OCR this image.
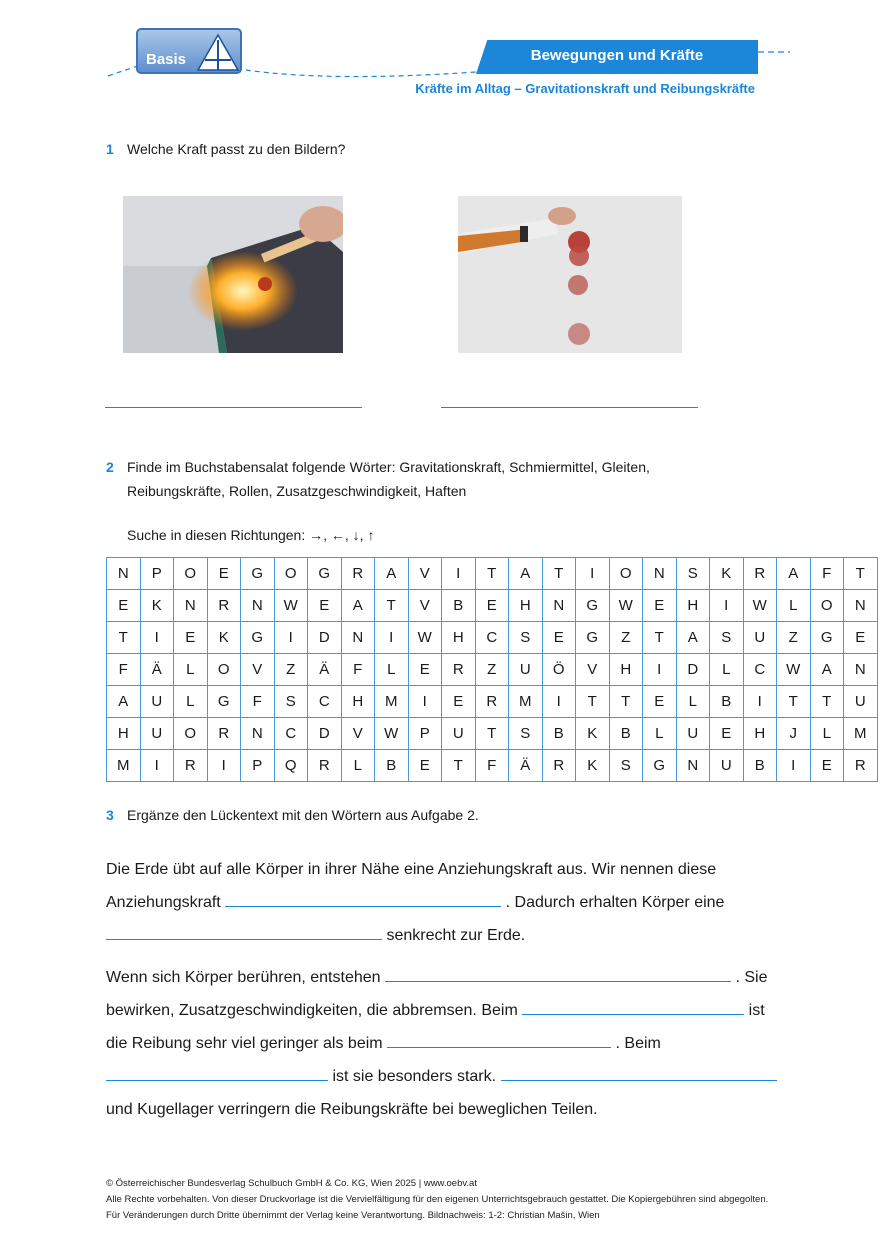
Basis	Bewegungen und Kräfte
Kräfte im Alltag – Gravitationskraft und Reibungskräfte
1 Welche Kraft passt zu den Bildern?
2 Finde im Buchstabensalat folgende Wörter: Gravitationskraft, Schmiermittel, Gleiten,
Reibungskräfte, Rollen, Zusatzgeschwindigkeit, Haften
Suche in diesen Richtungen: →, ←, ↓, ↑
N	P	O	E	G	O	G	R	A	V	I	T	A	T	I	O	N	S	K	R	A	F	T
E	K	N	R	N	W	E	A	T	V	B	E	H	N	G	W	E	H	I	W	L	O	N
T	I	E	K	G	I	D	N	I	W	H	C	S	E	G	Z	T	A	S	U	Z	G	E
F	Ä	L	O	V	Z	Ä	F	L	E	R	Z	U	Ö	V	H	I	D	L	C	W	A	N
A	U	L	G	F	S	C	H	M	I	E	R	M	I	T	T	E	L	B	I	T	T	U
H	U	O	R	N	C	D	V	W	P	U	T	S	B	K	B	L	U	E	H	J	L	M
M	I	R	I	P	Q	R	L	B	E	T	F	Ä	R	K	S	G	N	U	B	I	E	R
3 Ergänze den Lückentext mit den Wörtern aus Aufgabe 2.

Die Erde übt auf alle Körper in ihrer Nähe eine Anziehungskraft aus. Wir nennen diese
Anziehungskraft	. Dadurch erhalten Körper eine
senkrecht zur Erde.

Wenn sich Körper berühren, entstehen	. Sie
bewirken, Zusatzgeschwindigkeiten, die abbremsen. Beim	ist
die Reibung sehr viel geringer als beim	. Beim
ist sie besonders stark.
und Kugellager verringern die Reibungskräfte bei beweglichen Teilen.

© Österreichischer Bundesverlag Schulbuch GmbH & Co. KG, Wien 2025 | www.oebv.at
Alle Rechte vorbehalten. Von dieser Druckvorlage ist die Vervielfältigung für den eigenen Unterrichtsgebrauch gestattet. Die Kopiergebühren sind abgegolten.
Für Veränderungen durch Dritte übernimmt der Verlag keine Verantwortung. Bildnachweis: 1-2: Christian Mašin, Wien
